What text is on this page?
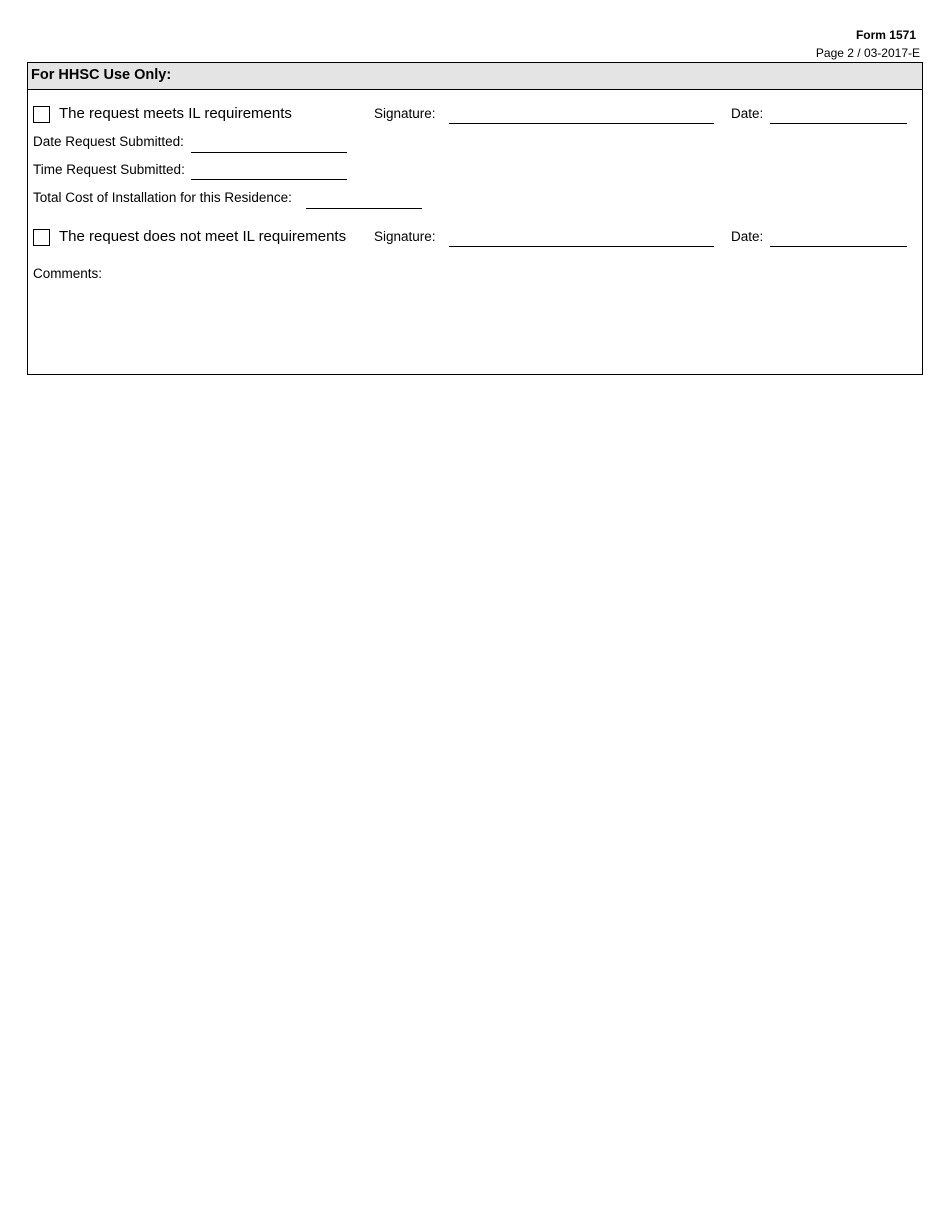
Form 1571
Page 2 / 03-2017-E
For HHSC Use Only:
The request meets IL requirements	Signature:	Date:
Date Request Submitted:
Time Request Submitted:
Total Cost of Installation for this Residence:
The request does not meet IL requirements Signature:	Date:
Comments:
